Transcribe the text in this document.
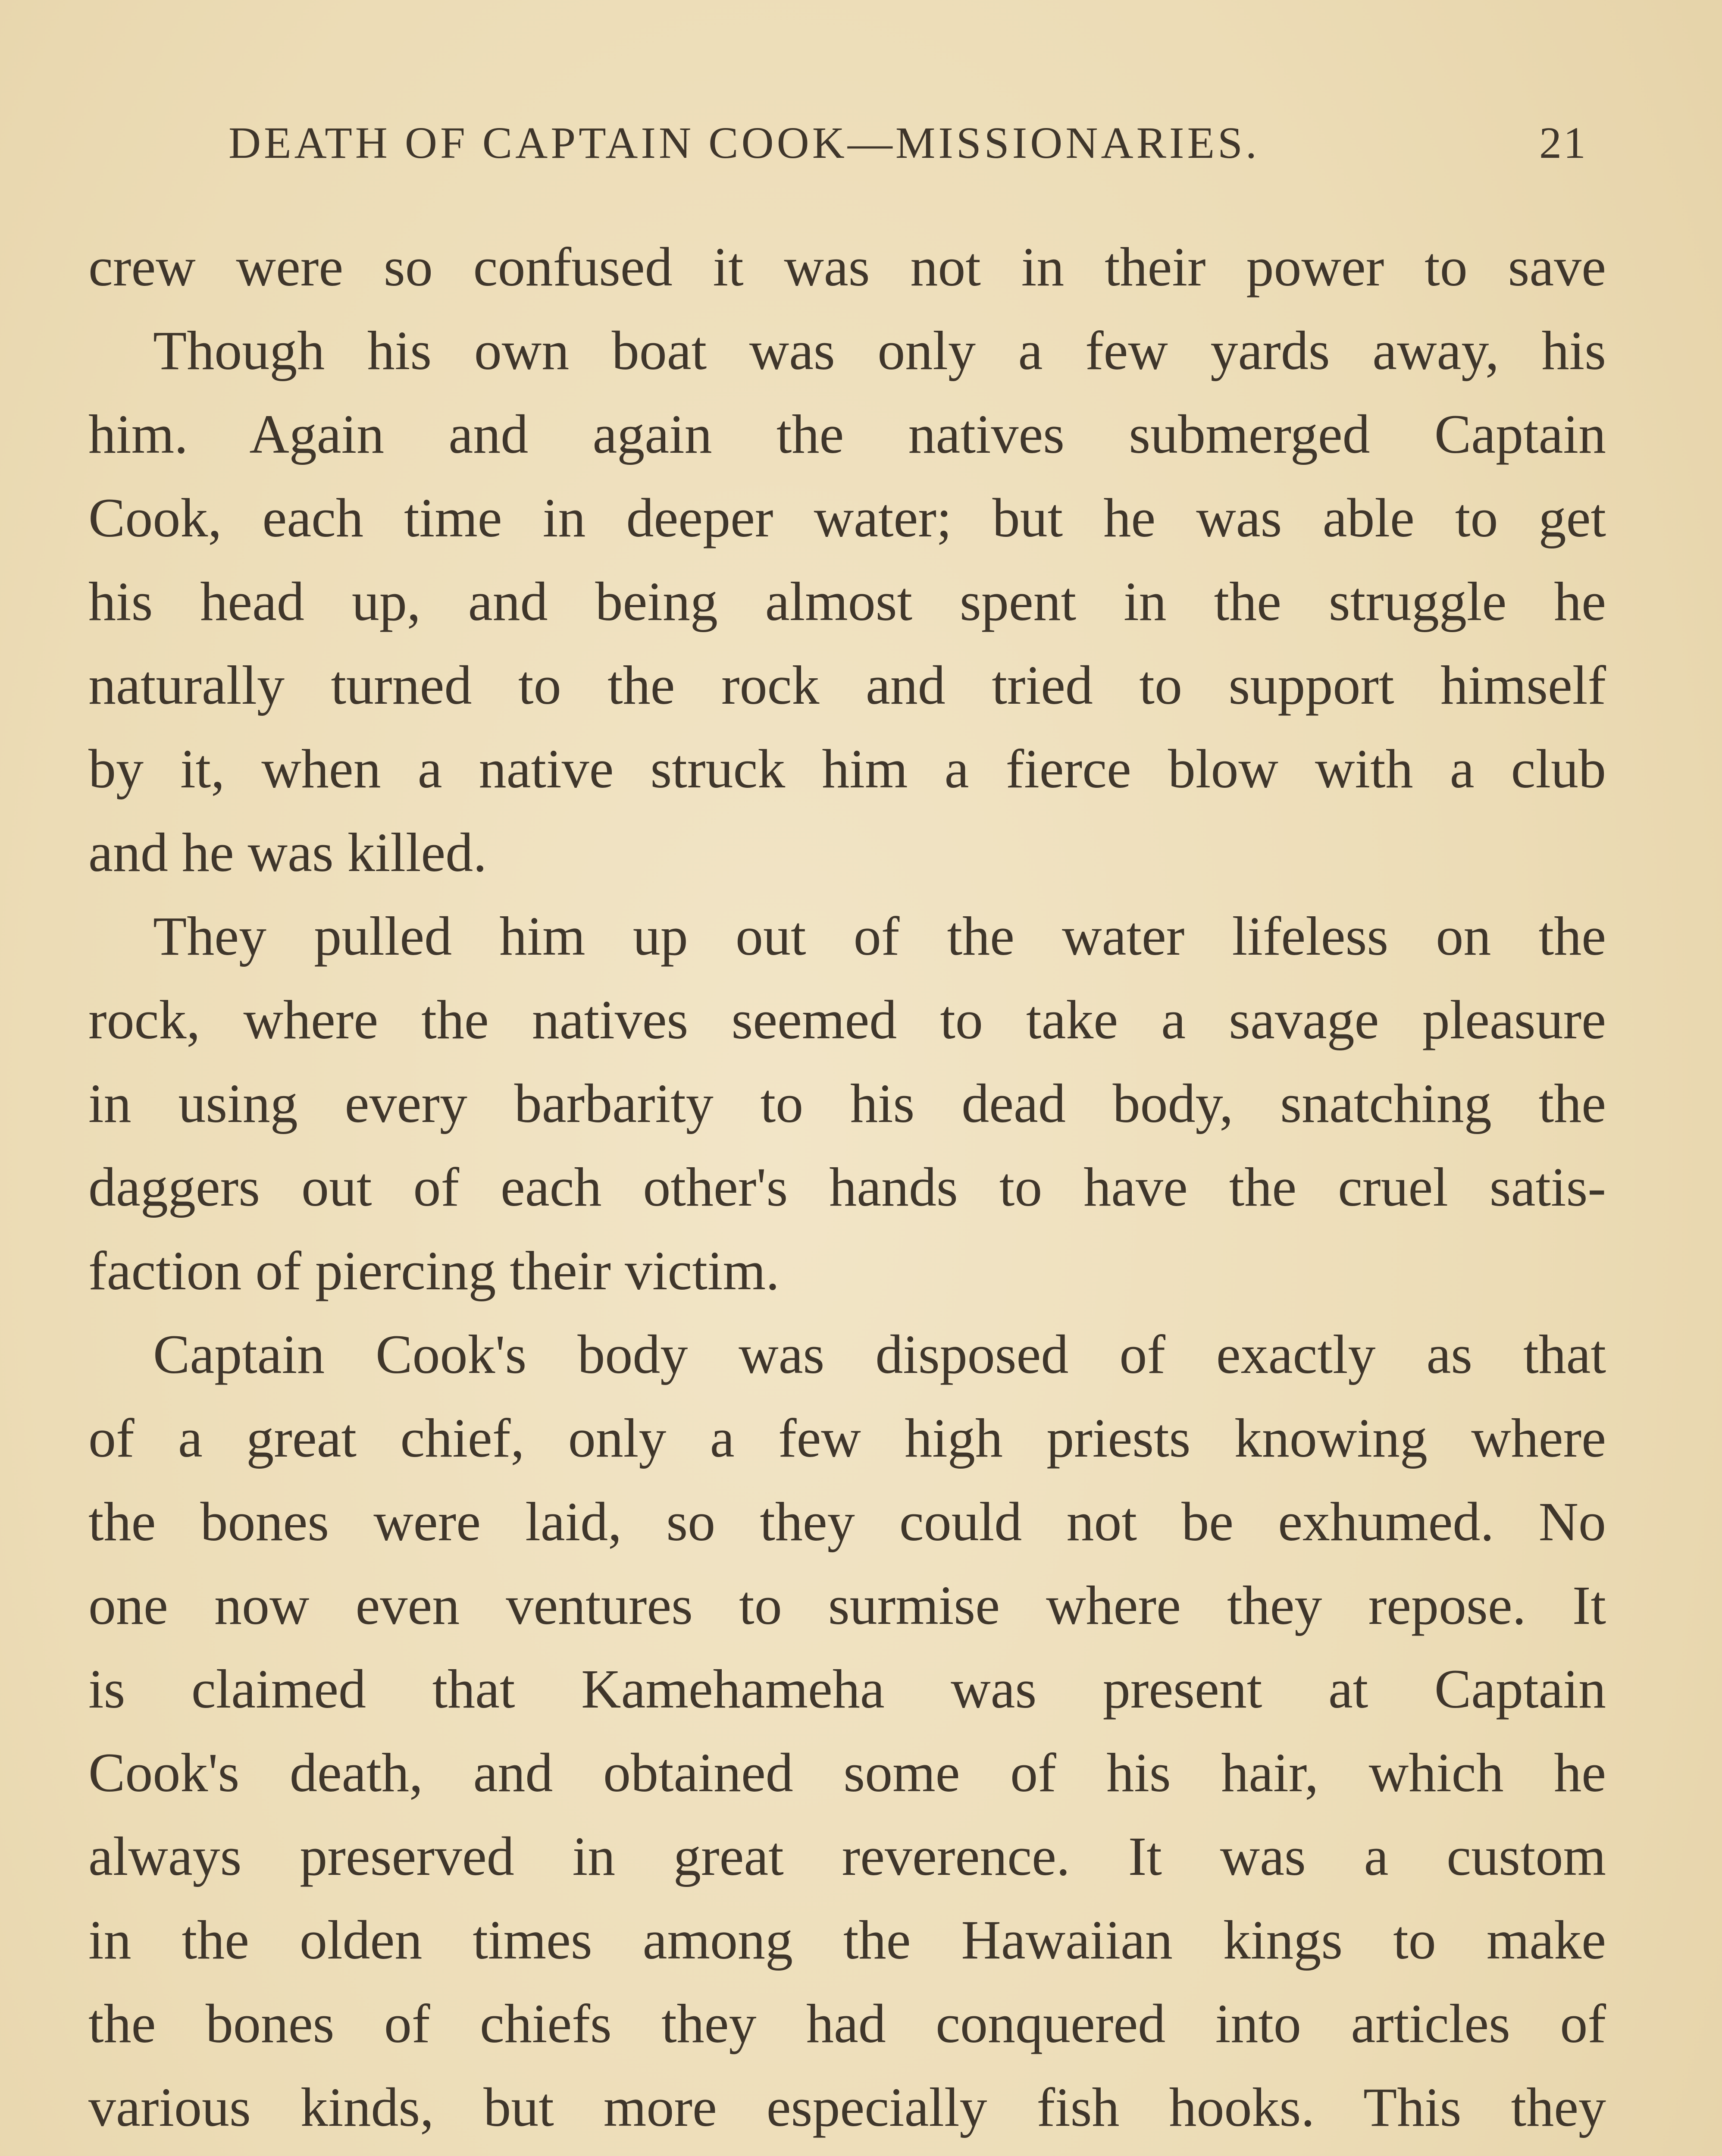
DEATH OF CAPTAIN COOK—MISSIONARIES.	21
crew were so confused it was not in their power to save
Though his own boat was only a few yards away, his
him. Again and again the natives submerged Captain
Cook, each time in deeper water; but he was able to get
his head up, and being almost spent in the struggle he
naturally turned to the rock and tried to support himself
by it, when a native struck him a fierce blow with a club
and he was killed.
They pulled him up out of the water lifeless on the
rock, where the natives seemed to take a savage pleasure
in using every barbarity to his dead body, snatching the
daggers out of each other's hands to have the cruel satis-
faction of piercing their victim.
Captain Cook's body was disposed of exactly as that
of a great chief, only a few high priests knowing where
the bones were laid, so they could not be exhumed. No
one now even ventures to surmise where they repose. It
is claimed that Kamehameha was present at Captain
Cook's death, and obtained some of his hair, which he
always preserved in great reverence. It was a custom
in the olden times among the Hawaiian kings to make
the bones of chiefs they had conquered into articles of
various kinds, but more especially fish hooks. This they
